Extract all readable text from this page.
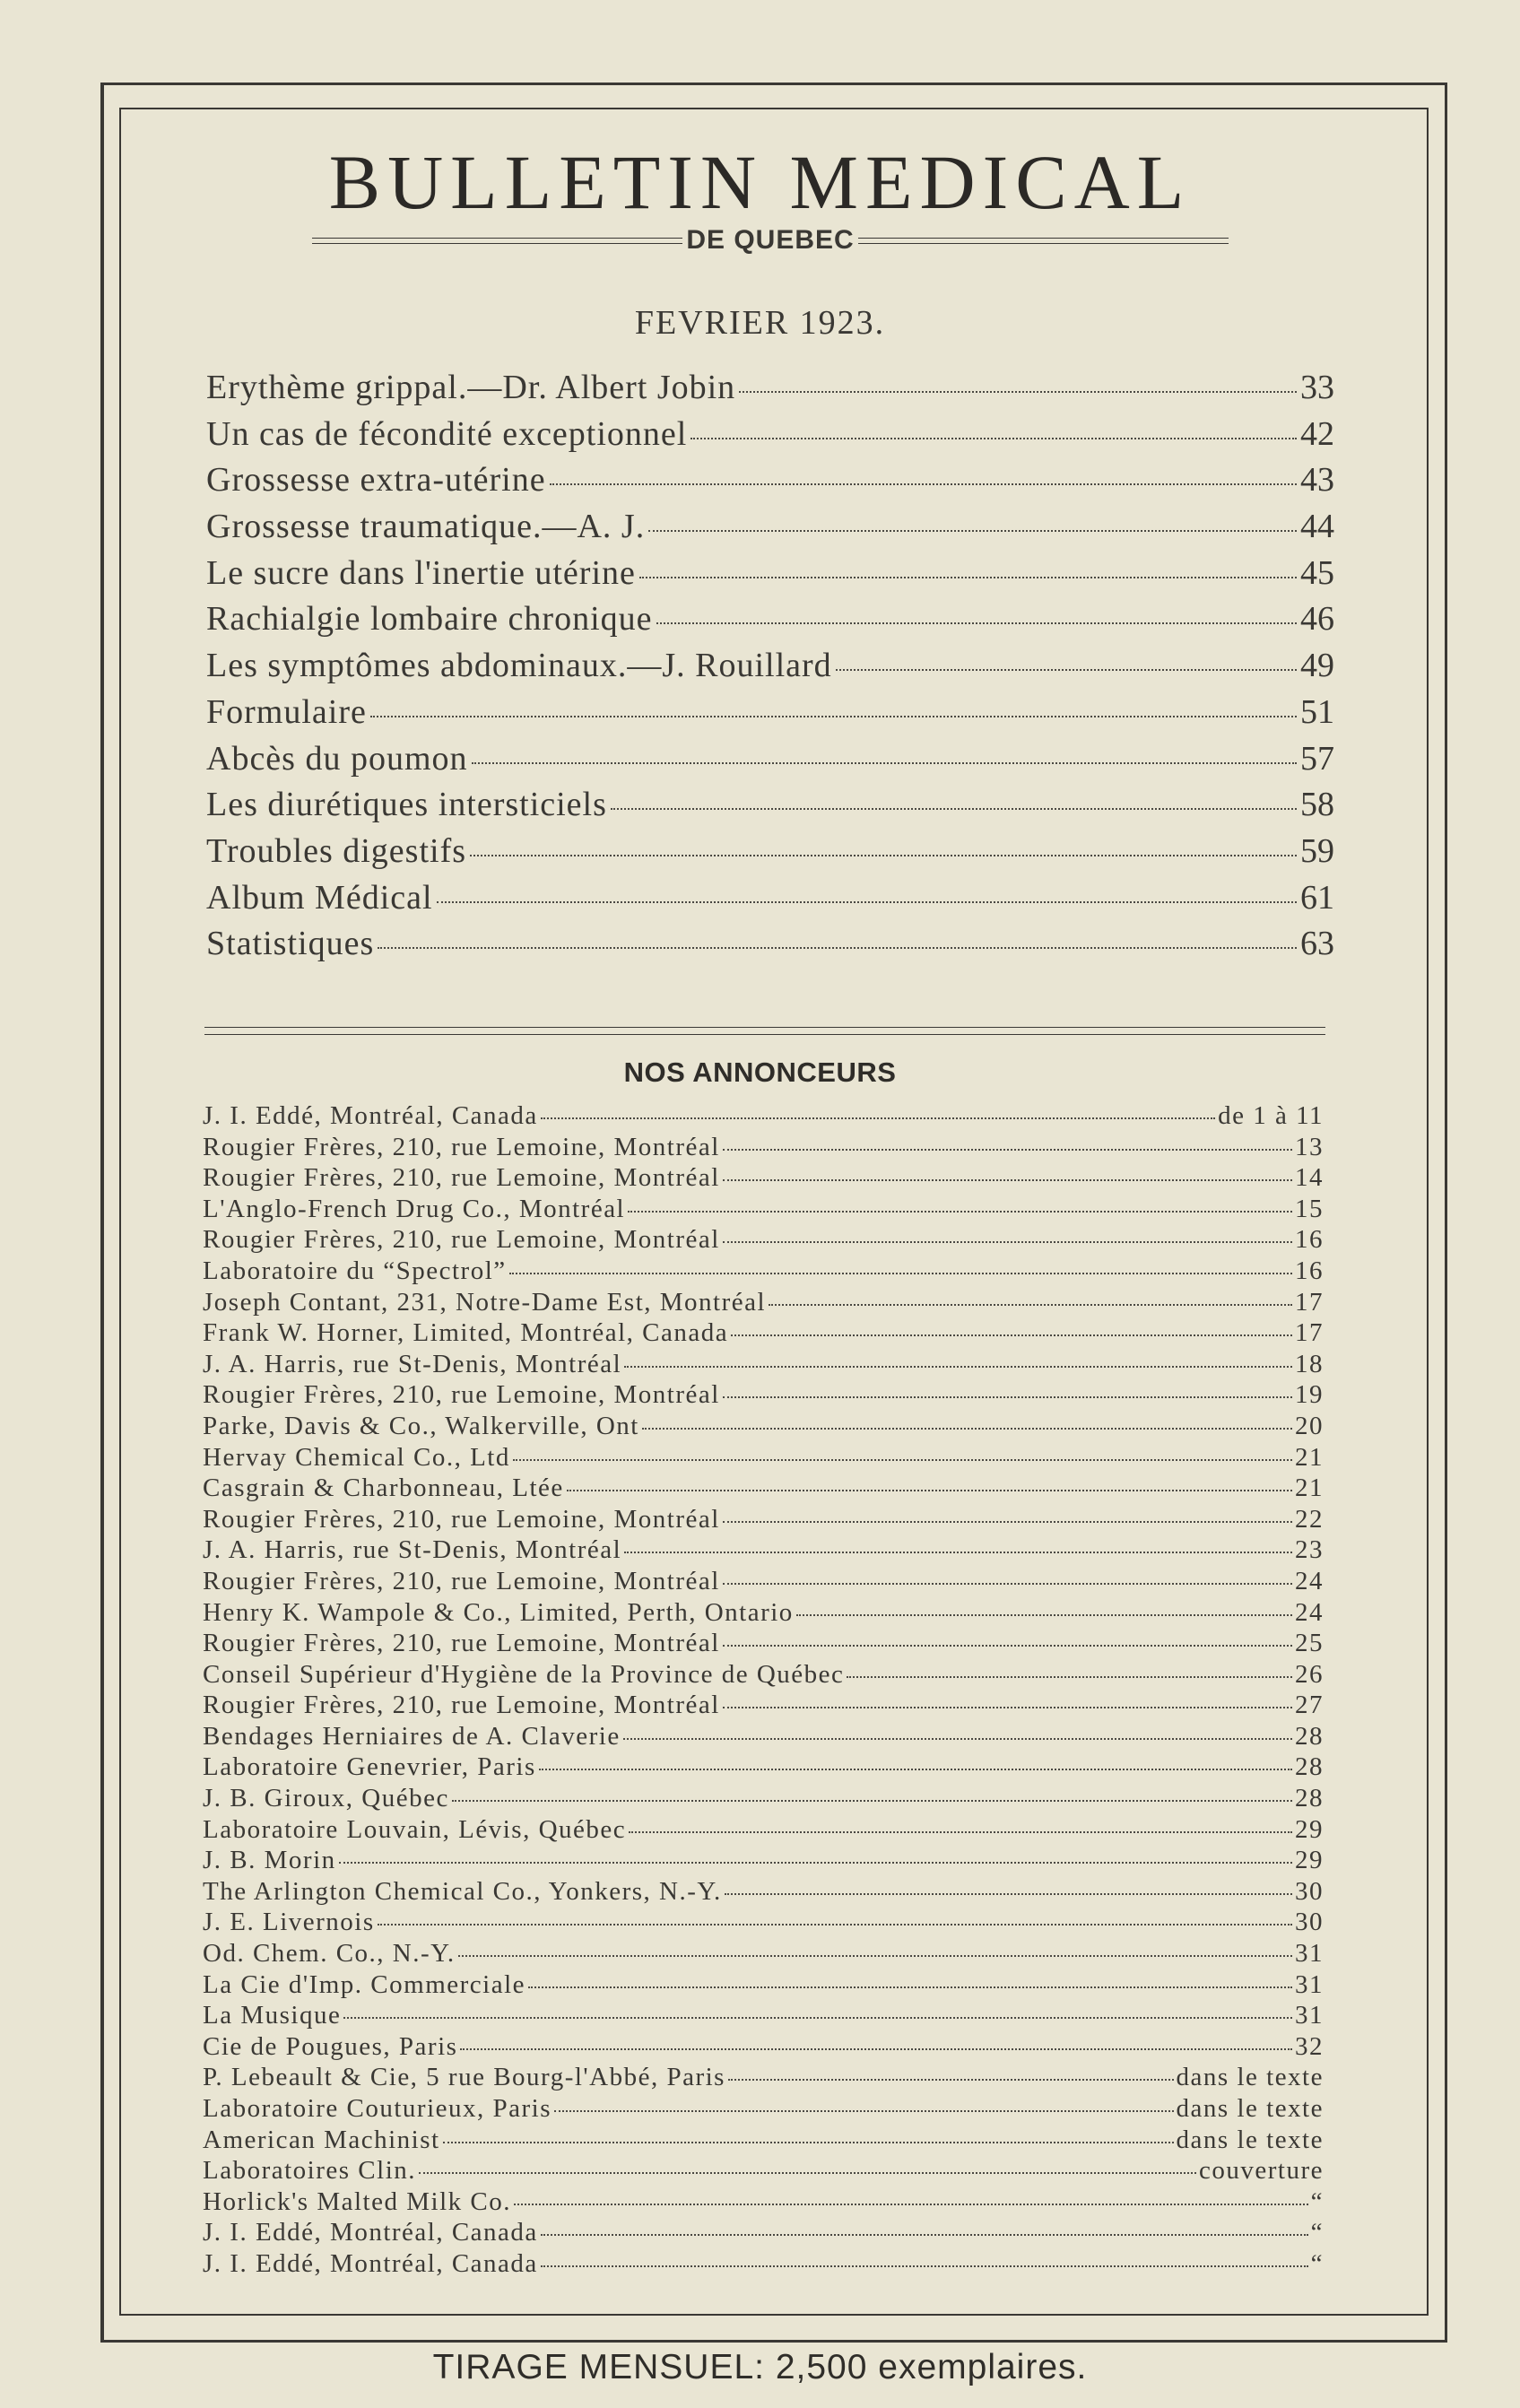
BULLETIN MEDICAL
DE QUEBEC
FEVRIER 1923.
Erythème grippal.—Dr. Albert Jobin	33
Un cas de fécondité exceptionnel	42
Grossesse extra-utérine	43
Grossesse traumatique.—A. J.	44
Le sucre dans l'inertie utérine	45
Rachialgie lombaire chronique	46
Les symptômes abdominaux.—J. Rouillard	49
Formulaire	51
Abcès du poumon	57
Les diurétiques intersticiels	58
Troubles digestifs	59
Album Médical	61
Statistiques	63
NOS ANNONCEURS
J. I. Eddé, Montréal, Canada	de 1 à 11
Rougier Frères, 210, rue Lemoine, Montréal	13
Rougier Frères, 210, rue Lemoine, Montréal	14
L'Anglo-French Drug Co., Montréal	15
Rougier Frères, 210, rue Lemoine, Montréal	16
Laboratoire du “Spectrol”	16
Joseph Contant, 231, Notre-Dame Est, Montréal	17
Frank W. Horner, Limited, Montréal, Canada	17
J. A. Harris, rue St-Denis, Montréal	18
Rougier Frères, 210, rue Lemoine, Montréal	19
Parke, Davis & Co., Walkerville, Ont	20
Hervay Chemical Co., Ltd	21
Casgrain & Charbonneau, Ltée	21
Rougier Frères, 210, rue Lemoine, Montréal	22
J. A. Harris, rue St-Denis, Montréal	23
Rougier Frères, 210, rue Lemoine, Montréal	24
Henry K. Wampole & Co., Limited, Perth, Ontario	24
Rougier Frères, 210, rue Lemoine, Montréal	25
Conseil Supérieur d'Hygiène de la Province de Québec	26
Rougier Frères, 210, rue Lemoine, Montréal	27
Bendages Herniaires de A. Claverie	28
Laboratoire Genevrier, Paris	28
J. B. Giroux, Québec	28
Laboratoire Louvain, Lévis, Québec	29
J. B. Morin	29
The Arlington Chemical Co., Yonkers, N.-Y.	30
J. E. Livernois	30
Od. Chem. Co., N.-Y.	31
La Cie d'Imp. Commerciale	31
La Musique	31
Cie de Pougues, Paris	32
P. Lebeault & Cie, 5 rue Bourg-l'Abbé, Paris	dans le texte
Laboratoire Couturieux, Paris	dans le texte
American Machinist	dans le texte
Laboratoires Clin.	couverture
Horlick's Malted Milk Co.	“
J. I. Eddé, Montréal, Canada	“
J. I. Eddé, Montréal, Canada	“
TIRAGE MENSUEL: 2,500 exemplaires.
